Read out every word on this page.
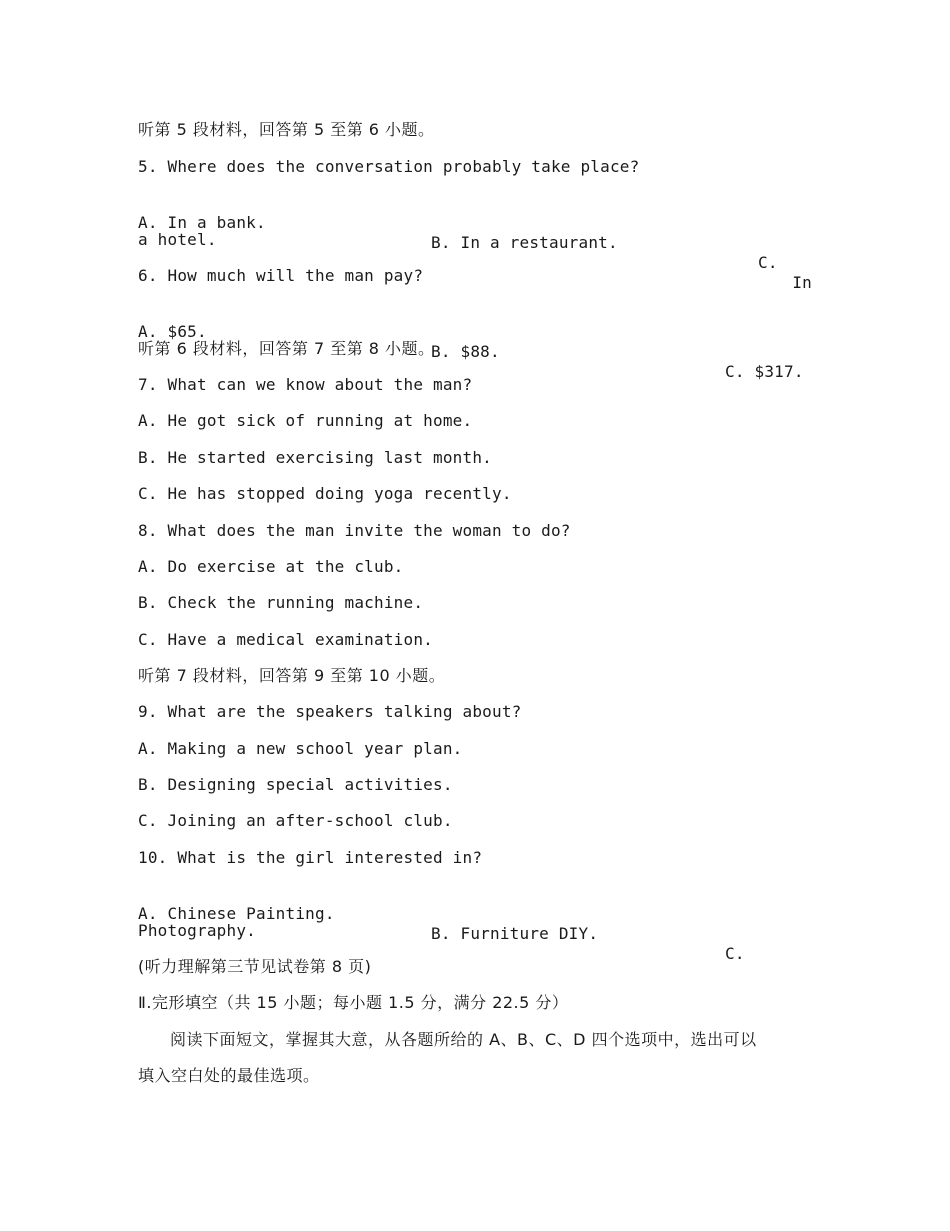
听第 5 段材料，回答第 5 至第 6 小题。
5. Where does the conversation probably take place?

A. In a bank.

B. In a restaurant.

C.

In

a hotel.
6. How much will the man pay?

A. $65.

B. $88.

C. $317.

听第 6 段材料，回答第 7 至第 8 小题。
7. What can we know about the man?
A. He got sick of running at home.
B. He started exercising last month.
C. He has stopped doing yoga recently.
8. What does the man invite the woman to do?
A. Do exercise at the club.
B. Check the running machine.
C. Have a medical examination.
听第 7 段材料，回答第 9 至第 10 小题。
9. What are the speakers talking about?
A. Making a new school year plan.
B. Designing special activities.
C. Joining an after-school club.
10. What is the girl interested in?

A. Chinese Painting.

B. Furniture DIY.

C.

Photography.
(听力理解第三节见试卷第 8 页)
Ⅱ.完形填空（共 15 小题；每小题 1.5 分，满分 22.5 分）
阅读下面短文，掌握其大意，从各题所给的 A、B、C、D 四个选项中，选出可以
填入空白处的最佳选项。
